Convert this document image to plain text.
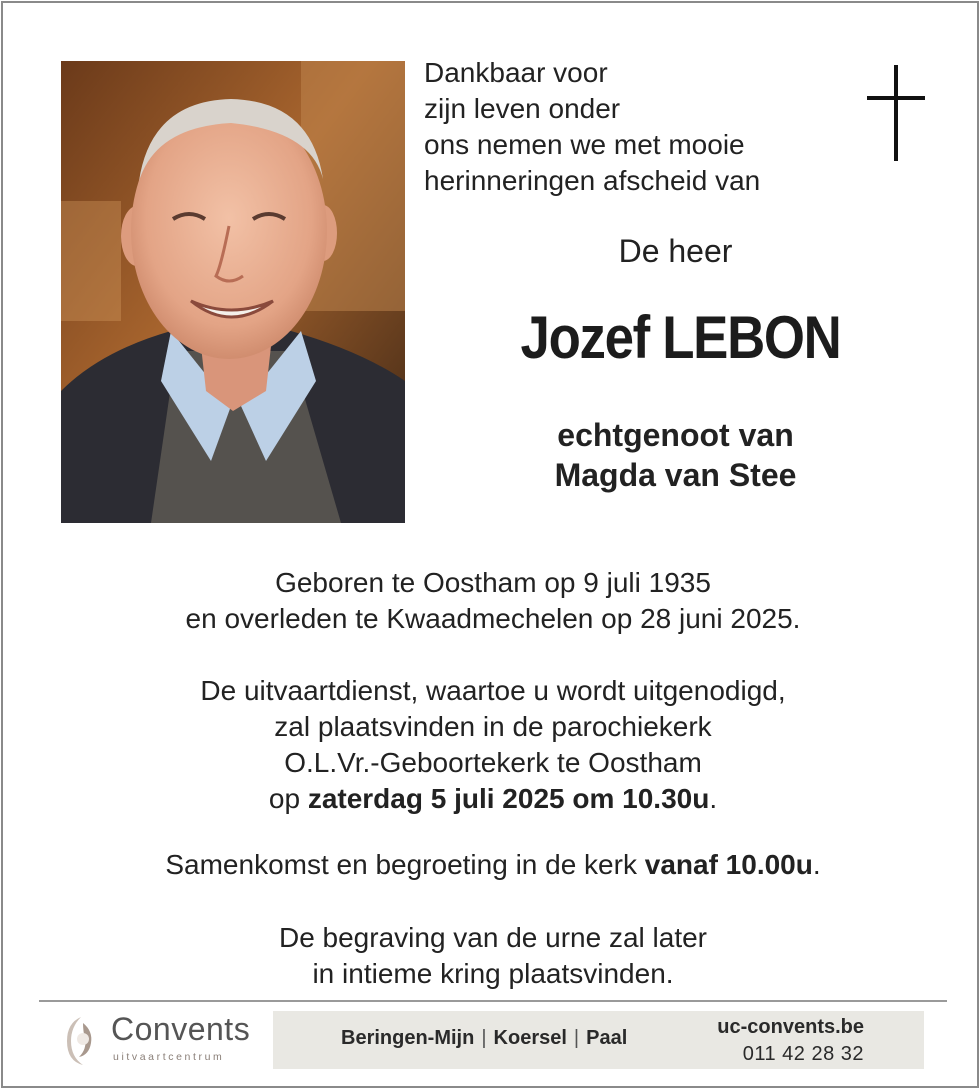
Dankbaar voor
zijn leven onder
ons nemen we met mooie
herinneringen afscheid van
De heer
Jozef LEBON
echtgenoot van
Magda van Stee
Geboren te Oostham op 9 juli 1935
en overleden te Kwaadmechelen op 28 juni 2025.
De uitvaartdienst, waartoe u wordt uitgenodigd,
zal plaatsvinden in de parochiekerk
O.L.Vr.-Geboortekerk te Oostham
op zaterdag 5 juli 2025 om 10.30u.
Samenkomst en begroeting in de kerk vanaf 10.00u.
De begraving van de urne zal later
in intieme kring plaatsvinden.
Convents
uitvaartcentrum
Beringen-Mijn | Koersel | Paal	uc-convents.be
011 42 28 32
